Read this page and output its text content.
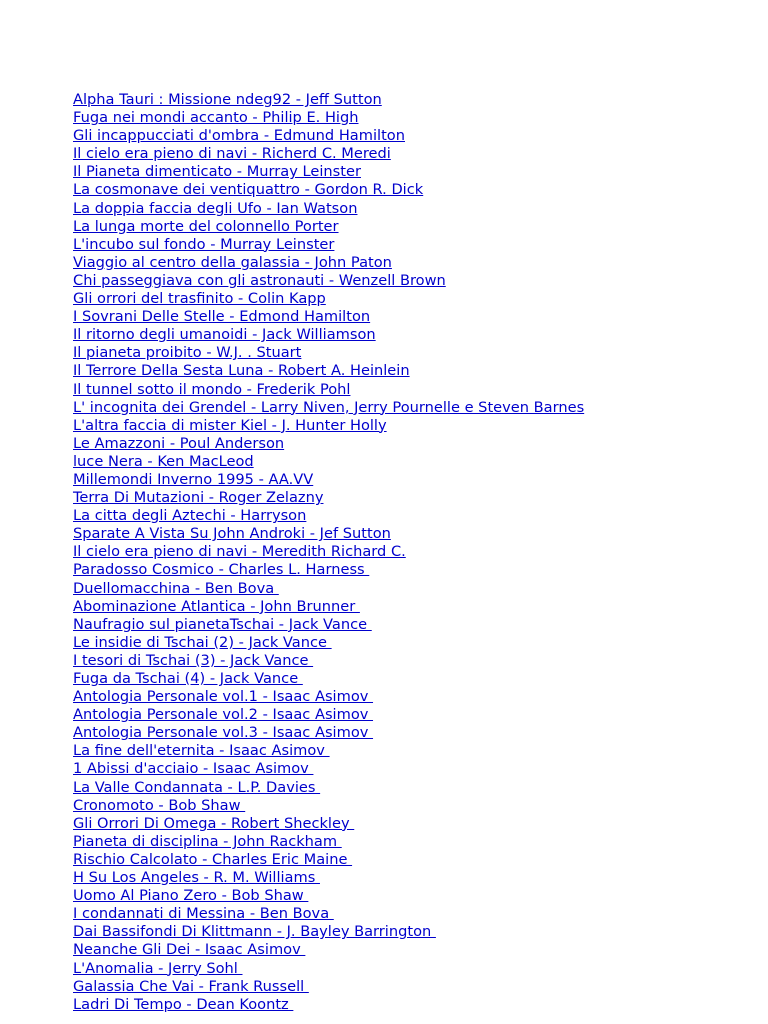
Alpha Tauri : Missione ndeg92 - Jeff Sutton
Fuga nei mondi accanto - Philip E. High
Gli incappucciati d'ombra - Edmund Hamilton
Il cielo era pieno di navi - Richerd C. Meredi
Il Pianeta dimenticato - Murray Leinster
La cosmonave dei ventiquattro - Gordon R. Dick
La doppia faccia degli Ufo - Ian Watson
La lunga morte del colonnello Porter
L'incubo sul fondo - Murray Leinster
Viaggio al centro della galassia - John Paton
Chi passeggiava con gli astronauti - Wenzell Brown
Gli orrori del trasfinito - Colin Kapp
I Sovrani Delle Stelle - Edmond Hamilton
Il ritorno degli umanoidi - Jack Williamson
Il pianeta proibito - W.J. . Stuart
Il Terrore Della Sesta Luna - Robert A. Heinlein
Il tunnel sotto il mondo - Frederik Pohl
L' incognita dei Grendel - Larry Niven, Jerry Pournelle e Steven Barnes
L'altra faccia di mister Kiel - J. Hunter Holly
Le Amazzoni - Poul Anderson
luce Nera - Ken MacLeod
Millemondi Inverno 1995 - AA.VV
Terra Di Mutazioni - Roger Zelazny
La citta degli Aztechi - Harryson
Sparate A Vista Su John Androki - Jef Sutton
Il cielo era pieno di navi - Meredith Richard C.
Paradosso Cosmico - Charles L. Harness
Duellomacchina - Ben Bova
Abominazione Atlantica - John Brunner
Naufragio sul pianetaTschai - Jack Vance
Le insidie di Tschai (2) - Jack Vance
I tesori di Tschai (3) - Jack Vance
Fuga da Tschai (4) - Jack Vance
Antologia Personale vol.1 - Isaac Asimov
Antologia Personale vol.2 - Isaac Asimov
Antologia Personale vol.3 - Isaac Asimov
La fine dell'eternita - Isaac Asimov
1 Abissi d'acciaio - Isaac Asimov
La Valle Condannata - L.P. Davies
Cronomoto - Bob Shaw
Gli Orrori Di Omega - Robert Sheckley
Pianeta di disciplina - John Rackham
Rischio Calcolato - Charles Eric Maine
H Su Los Angeles - R. M. Williams
Uomo Al Piano Zero - Bob Shaw
I condannati di Messina - Ben Bova
Dai Bassifondi Di Klittmann - J. Bayley Barrington
Neanche Gli Dei - Isaac Asimov
L'Anomalia - Jerry Sohl
Galassia Che Vai - Frank Russell
Ladri Di Tempo - Dean Koontz
